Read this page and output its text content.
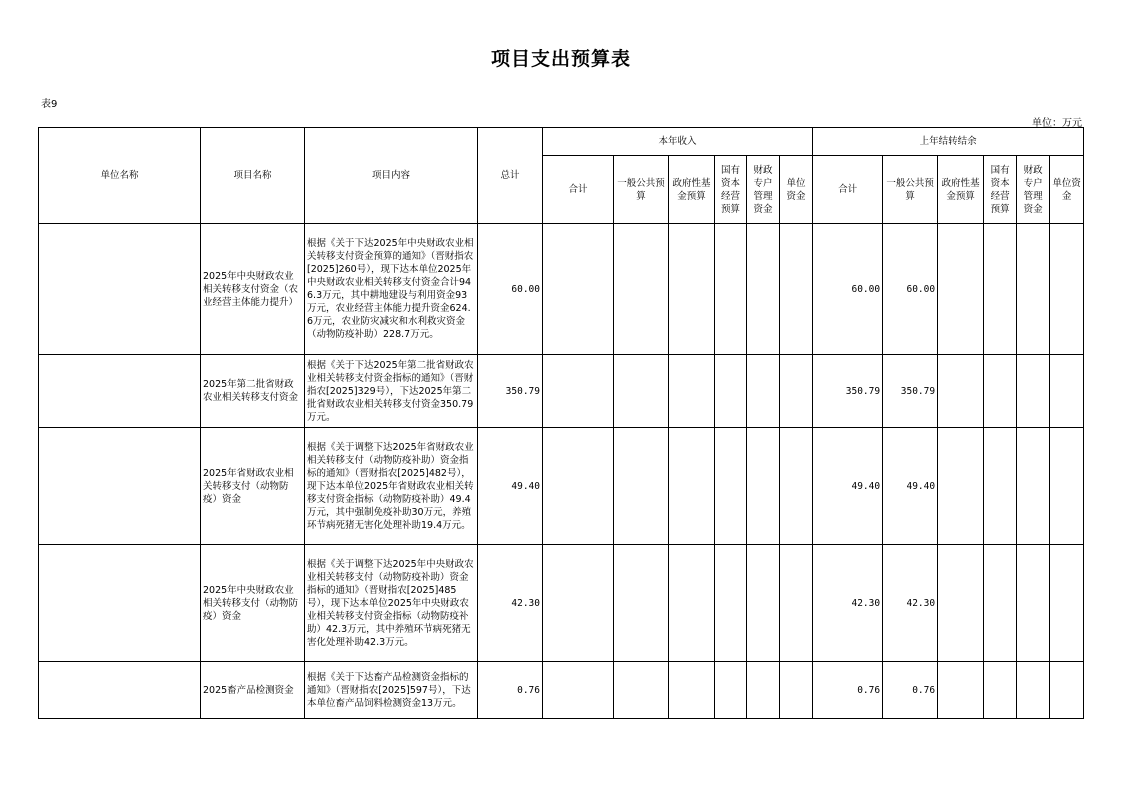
项目支出预算表
表9
单位：万元
单位名称	项目名称	项目内容	总计	本年收入						上年结转结余					
				合计	一般公共预算	政府性基金预算	国有资本经营预算	财政专户管理资金	单位资金	合计	一般公共预算	政府性基金预算	国有资本经营预算	财政专户管理资金	单位资金
	2025年中央财政农业相关转移支付资金（农业经营主体能力提升）	根据《关于下达2025年中央财政农业相关转移支付资金预算的通知》（晋财指农[2025]260号），现下达本单位2025年中央财政农业相关转移支付资金合计946.3万元，其中耕地建设与利用资金93万元，农业经营主体能力提升资金624.6万元，农业防灾减灾和水利救灾资金（动物防疫补助）228.7万元。	60.00							60.00	60.00				
	2025年第二批省财政农业相关转移支付资金	根据《关于下达2025年第二批省财政农业相关转移支付资金指标的通知》（晋财指农[2025]329号），下达2025年第二批省财政农业相关转移支付资金350.79万元。	350.79							350.79	350.79				
	2025年省财政农业相关转移支付（动物防疫）资金	根据《关于调整下达2025年省财政农业相关转移支付（动物防疫补助）资金指标的通知》（晋财指农[2025]482号），现下达本单位2025年省财政农业相关转移支付资金指标（动物防疫补助）49.4万元，其中强制免疫补助30万元，养殖环节病死猪无害化处理补助19.4万元。	49.40							49.40	49.40				
	2025年中央财政农业相关转移支付（动物防疫）资金	根据《关于调整下达2025年中央财政农业相关转移支付（动物防疫补助）资金指标的通知》（晋财指农[2025]485号），现下达本单位2025年中央财政农业相关转移支付资金指标（动物防疫补助）42.3万元，其中养殖环节病死猪无害化处理补助42.3万元。	42.30							42.30	42.30				
	2025畜产品检测资金	根据《关于下达畜产品检测资金指标的通知》（晋财指农[2025]597号），下达本单位畜产品饲料检测资金13万元。	0.76							0.76	0.76				
